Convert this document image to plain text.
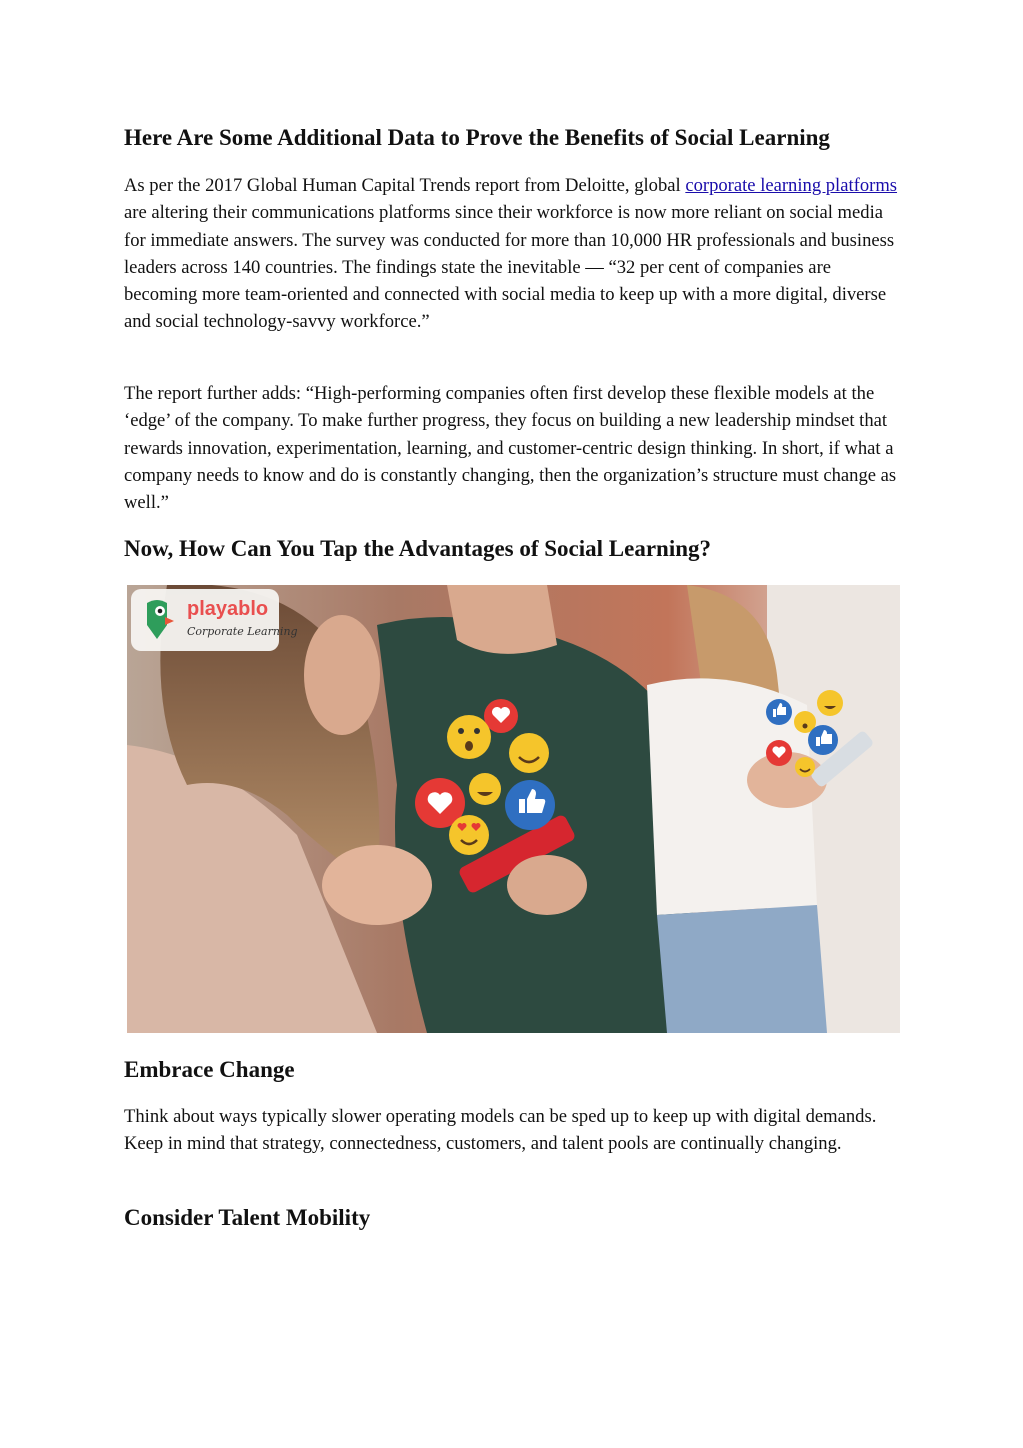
Here Are Some Additional Data to Prove the Benefits of Social Learning

As per the 2017 Global Human Capital Trends report from Deloitte, global corporate learning platforms are altering their communications platforms since their workforce is now more reliant on social media for immediate answers. The survey was conducted for more than 10,000 HR professionals and business leaders across 140 countries. The findings state the inevitable — “32 per cent of companies are becoming more team-oriented and connected with social media to keep up with a more digital, diverse and social technology-savvy workforce.”

The report further adds: “High-performing companies often first develop these flexible models at the ‘edge’ of the company. To make further progress, they focus on building a new leadership mindset that rewards innovation, experimentation, learning, and customer-centric design thinking. In short, if what a company needs to know and do is constantly changing, then the organization’s structure must change as well.”

Now, How Can You Tap the Advantages of Social Learning?
playablo
Corporate Learning
Embrace Change

Think about ways typically slower operating models can be sped up to keep up with digital demands. Keep in mind that strategy, connectedness, customers, and talent pools are continually changing.

Consider Talent Mobility
